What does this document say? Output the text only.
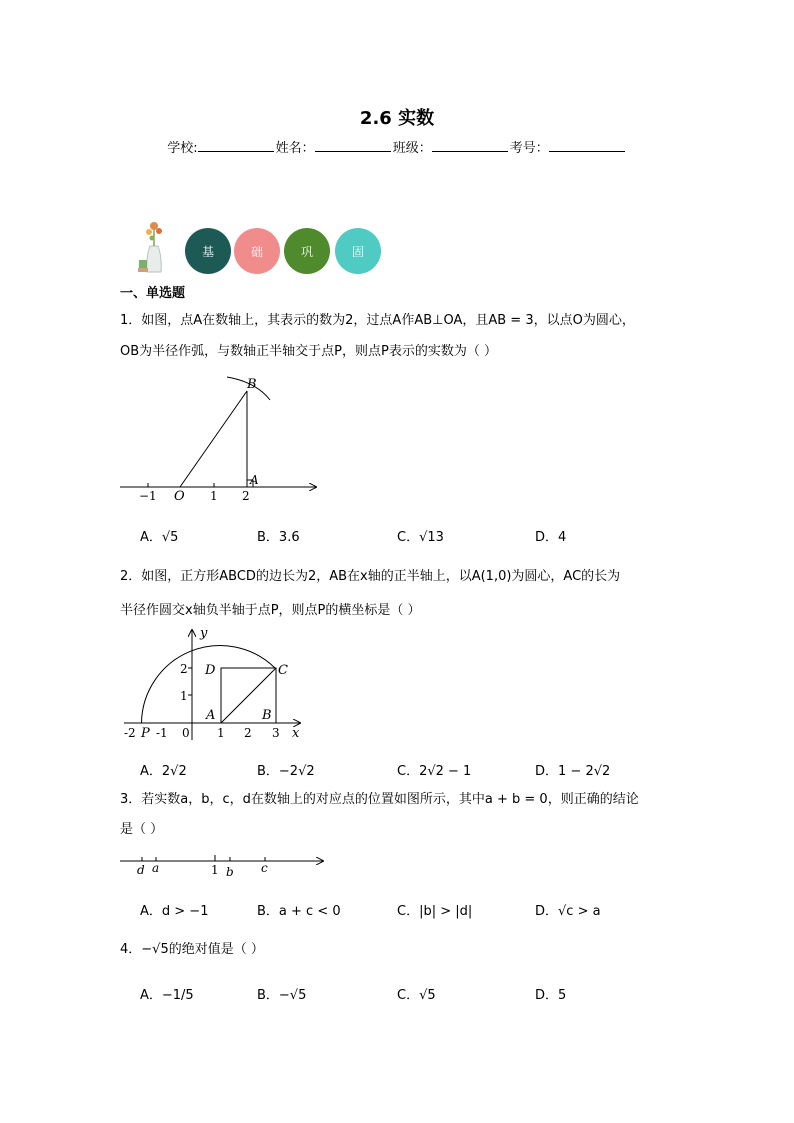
2.6 实数
学校:	姓名：	班级：	考号：
基	础	巩	固
一、单选题
1．如图，点A在数轴上，其表示的数为2，过点A作AB⊥OA，且AB = 3，以点O为圆心，
OB为半径作弧，与数轴正半轴交于点P，则点P表示的实数为（ ）
B
A
O
−1	1 2
A．√5	B．3.6	C．√13	D．4
2．如图，正方形ABCD的边长为2，AB在x轴的正半轴上，以A(1,0)为圆心，AC的长为
半径作圆交x轴负半轴于点P，则点P的横坐标是（ ）
y
x
D	C
A	B
2
1
-2 P -1 0 1 2 3
A．2√2	B．−2√2	C．2√2 − 1	D．1 − 2√2
3．若实数a，b，c，d在数轴上的对应点的位置如图所示，其中a + b = 0，则正确的结论
是（ ）
d a	1 b c
A．d > −1	B．a + c < 0	C．|b| > |d|	D．√c > a
4．−√5的绝对值是（ ）
A．−1/5	B．−√5	C．√5	D．5
